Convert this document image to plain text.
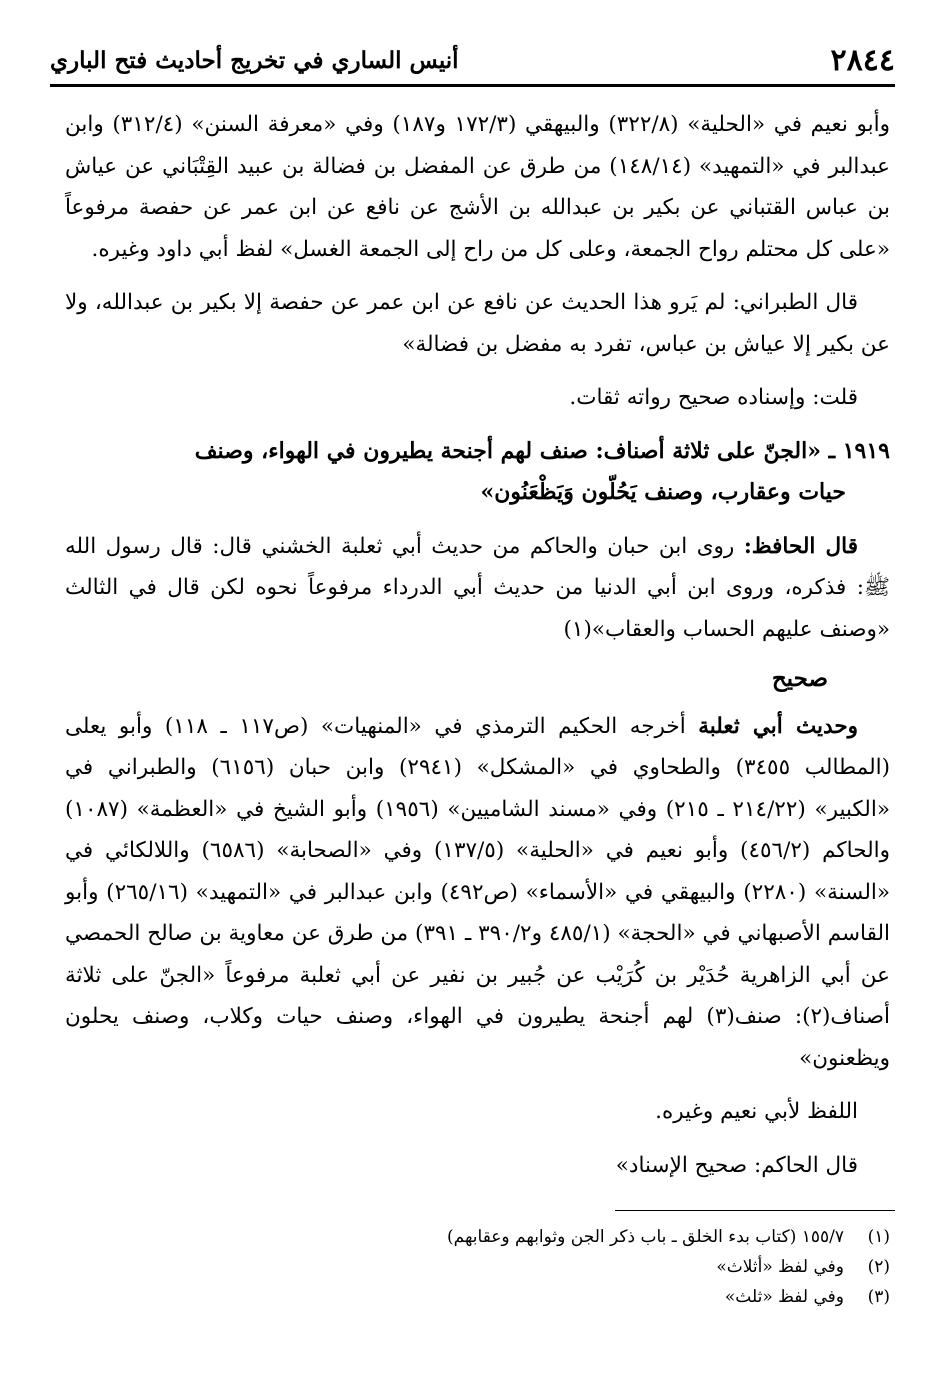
٢٨٤٤
أنيس الساري في تخريج أحاديث فتح الباري

وأبو نعيم في «الحلية» (٣٢٢/٨) والبيهقي (١٧٢/٣ و١٨٧) وفي «معرفة السنن» (٣١٢/٤) وابن عبدالبر في «التمهيد» (١٤٨/١٤) من طرق عن المفضل بن فضالة بن عبيد القِتْبَاني عن عياش بن عباس القتباني عن بكير بن عبدالله بن الأشج عن نافع عن ابن عمر عن حفصة مرفوعاً «على كل محتلم رواح الجمعة، وعلى كل من راح إلى الجمعة الغسل» لفظ أبي داود وغيره.

قال الطبراني: لم يَرو هذا الحديث عن نافع عن ابن عمر عن حفصة إلا بكير بن عبدالله، ولا عن بكير إلا عياش بن عباس، تفرد به مفضل بن فضالة»

قلت: وإسناده صحيح رواته ثقات.

١٩١٩ ـ «الجنّ على ثلاثة أصناف: صنف لهم أجنحة يطيرون في الهواء، وصنف
حيات وعقارب، وصنف يَحُلّون وَيَظْعَنُون»

قال الحافظ: روى ابن حبان والحاكم من حديث أبي ثعلبة الخشني قال: قال رسول الله ﷺ: فذكره، وروى ابن أبي الدنيا من حديث أبي الدرداء مرفوعاً نحوه لكن قال في الثالث «وصنف عليهم الحساب والعقاب»(١)

صحيح

وحديث أبي ثعلبة أخرجه الحكيم الترمذي في «المنهيات» (ص١١٧ ـ ١١٨) وأبو يعلى (المطالب ٣٤٥٥) والطحاوي في «المشكل» (٢٩٤١) وابن حبان (٦١٥٦) والطبراني في «الكبير» (٢١٤/٢٢ ـ ٢١٥) وفي «مسند الشاميين» (١٩٥٦) وأبو الشيخ في «العظمة» (١٠٨٧) والحاكم (٤٥٦/٢) وأبو نعيم في «الحلية» (١٣٧/٥) وفي «الصحابة» (٦٥٨٦) واللالكائي في «السنة» (٢٢٨٠) والبيهقي في «الأسماء» (ص٤٩٢) وابن عبدالبر في «التمهيد» (٢٦٥/١٦) وأبو القاسم الأصبهاني في «الحجة» (٤٨٥/١ و٣٩٠/٢ ـ ٣٩١) من طرق عن معاوية بن صالح الحمصي عن أبي الزاهرية حُدَيْر بن كُرَيْب عن جُبير بن نفير عن أبي ثعلبة مرفوعاً «الجنّ على ثلاثة أصناف(٢): صنف(٣) لهم أجنحة يطيرون في الهواء، وصنف حيات وكلاب، وصنف يحلون ويظعنون»

اللفظ لأبي نعيم وغيره.

قال الحاكم: صحيح الإسناد»

(١)
١٥٥/٧ (كتاب بدء الخلق ـ باب ذكر الجن وثوابهم وعقابهم)
(٢)
وفي لفظ «أثلاث»
(٣)
وفي لفظ «ثلث»
